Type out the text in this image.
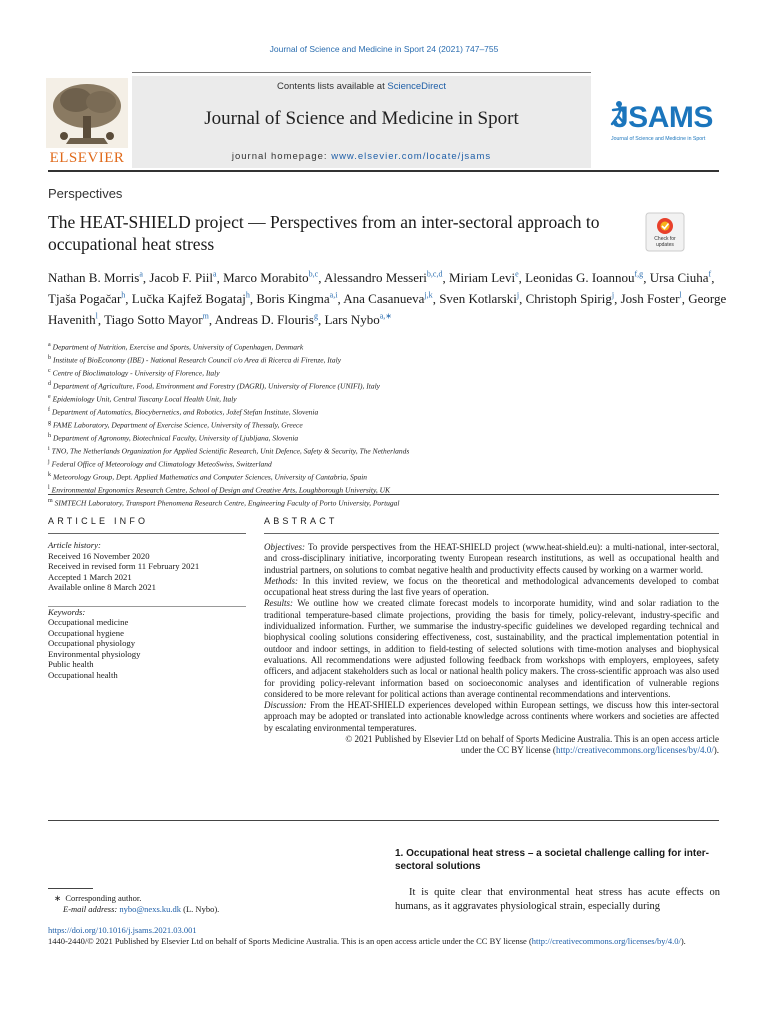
Journal of Science and Medicine in Sport 24 (2021) 747–755
Contents lists available at ScienceDirect
Journal of Science and Medicine in Sport
journal homepage: www.elsevier.com/locate/jsams
ELSEVIER
JSAMS
Journal of Science and Medicine in Sport
Perspectives
The HEAT-SHIELD project — Perspectives from an inter-sectoral approach to occupational heat stress	Check for updates
Nathan B. Morris$^a$, Jacob F. Piil$^a$, Marco Morabito$^{b,c}$, Alessandro Messeri$^{b,c,d}$, Miriam Levi$^e$, Leonidas G. Ioannou$^{f,g}$, Ursa Ciuha$^f$, Tjaša Pogačar$^h$, Lučka Kajfež Bogataj$^h$, Boris Kingma$^{a,i}$, Ana Casanueva$^{j,k}$, Sven Kotlarski$^j$, Christoph Spirig$^j$, Josh Foster$^l$, George Havenith$^l$, Tiago Sotto Mayor$^m$, Andreas D. Flouris$^g$, Lars Nybo$^{a,∗}$
$^a$ Department of Nutrition, Exercise and Sports, University of Copenhagen, Denmark
$^b$ Institute of BioEconomy (IBE) - National Research Council c/o Area di Ricerca di Firenze, Italy
$^c$ Centre of Bioclimatology - University of Florence, Italy
$^d$ Department of Agriculture, Food, Environment and Forestry (DAGRI), University of Florence (UNIFI), Italy
$^e$ Epidemiology Unit, Central Tuscany Local Health Unit, Italy
$^f$ Department of Automatics, Biocybernetics, and Robotics, Jožef Stefan Institute, Slovenia
$^g$ FAME Laboratory, Department of Exercise Science, University of Thessaly, Greece
$^h$ Department of Agronomy, Biotechnical Faculty, University of Ljubljana, Slovenia
$^i$ TNO, The Netherlands Organization for Applied Scientific Research, Unit Defence, Safety & Security, The Netherlands
$^j$ Federal Office of Meteorology and Climatology MeteoSwiss, Switzerland
$^k$ Meteorology Group, Dept. Applied Mathematics and Computer Sciences, University of Cantabria, Spain
$^l$ Environmental Ergonomics Research Centre, School of Design and Creative Arts, Loughborough University, UK
$^m$ SIMTECH Laboratory, Transport Phenomena Research Centre, Engineering Faculty of Porto University, Portugal
ARTICLE INFO	ABSTRACT
Article history:
Received 16 November 2020
Received in revised form 11 February 2021
Accepted 1 March 2021
Available online 8 March 2021
Keywords:
Occupational medicine
Occupational hygiene
Occupational physiology
Environmental physiology
Public health
Occupational health

Objectives: To provide perspectives from the HEAT-SHIELD project (www.heat-shield.eu): a multi-national, inter-sectoral, and cross-disciplinary initiative, incorporating twenty European research institutions, as well as occupational health and industrial partners, on solutions to combat negative health and productivity effects caused by working on a warmer world.

Methods: In this invited review, we focus on the theoretical and methodological advancements developed to combat occupational heat stress during the last five years of operation.

Results: We outline how we created climate forecast models to incorporate humidity, wind and solar radiation to the traditional temperature-based climate projections, providing the basis for timely, policy-relevant, industry-specific and individualized information. Further, we summarise the industry-specific guidelines we developed regarding technical and biophysical cooling solutions considering effectiveness, cost, sustainability, and the practical implementation potential in outdoor and indoor settings, in addition to field-testing of selected solutions with time-motion analyses and biophysical evaluations. All recommendations were adjusted following feedback from workshops with employers, employees, safety officers, and adjacent stakeholders such as local or national health policy makers. The cross-scientific approach was also used for providing policy-relevant information based on socioeconomic analyses and identification of vulnerable regions considered to be more relevant for political actions than average continental recommendations and interventions.

Discussion: From the HEAT-SHIELD experiences developed within European settings, we discuss how this inter-sectoral approach may be adopted or translated into actionable knowledge across continents where workers and societies are affected by escalating environmental temperatures.

© 2021 Published by Elsevier Ltd on behalf of Sports Medicine Australia. This is an open access article
under the CC BY license (http://creativecommons.org/licenses/by/4.0/).

1. Occupational heat stress – a societal challenge calling for inter-sectoral solutions
It is quite clear that environmental heat stress has acute effects on humans, as it aggravates physiological strain, especially during
∗ Corresponding author.
E-mail address: nybo@nexs.ku.dk (L. Nybo).
https://doi.org/10.1016/j.jsams.2021.03.001
1440-2440/© 2021 Published by Elsevier Ltd on behalf of Sports Medicine Australia. This is an open access article under the CC BY license (http://creativecommons.org/licenses/by/4.0/).
